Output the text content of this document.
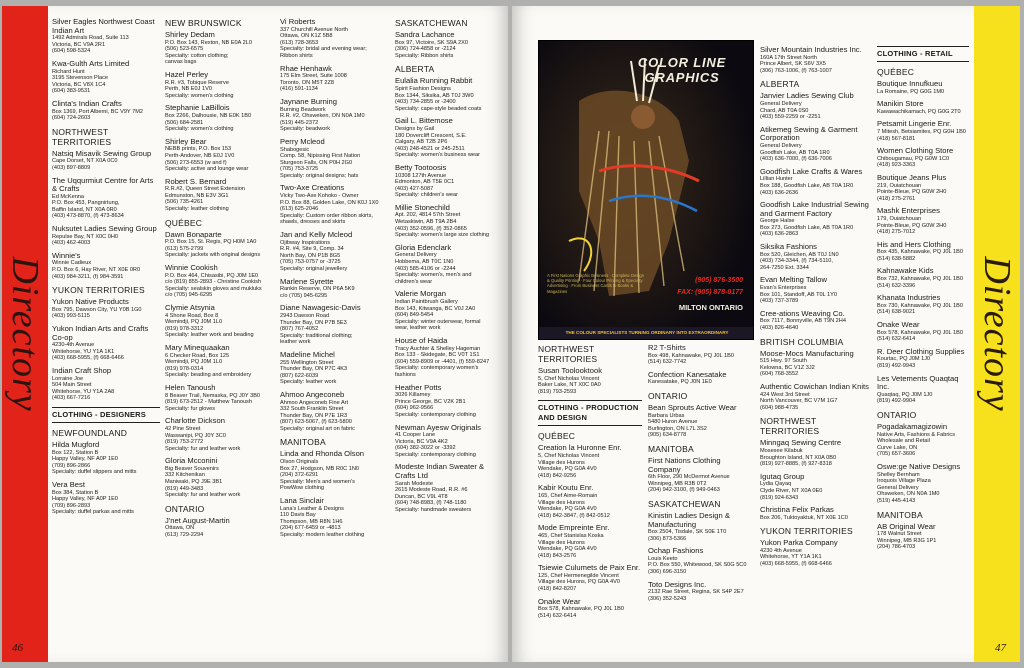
Directory
Silver Eagles Northwest Coast Indian Art
1492 Admirals Road, Suite 113
Victoria, BC V9A 2R1
(604) 598-5324
Kwa-Gulth Arts Limited
Richard Hunt
3195 Stevenson Place
Victoria, BC V8X 1C4
(604) 383-9531
Clinta's Indian Crafts
Box 1369, Port Alberni, BC V9Y 7M2
(604) 724-2603
NORTHWEST TERRITORIES
Natsiq Misavik Sewing Group
Cape Dorset, NT X0A 0C0
(403) 897-8809
The Uqqurmiut Centre for Arts & Crafts
Ed McKenna
P.O. Box 453, Pangnirtung,
Baffin Island, NT X0A 0R0
(403) 473-8870, (f) 473-8634
Nuksutet Ladies Sewing Group
Repulse Bay, NT X0C 0H0
(403) 462-4003
Winnie's
Winnie Cadieux
P.O. Box 6, Hay River, NT X0E 0R0
(403) 984-3211, (f) 984-3591
YUKON TERRITORIES
Yukon Native Products
Box 795, Dawson City, YU Y0B 1G0
(403) 993-5115
Yukon Indian Arts and Crafts Co-op
4230-4th Avenue
Whitehorse, YU Y1A 1K1
(403) 668-5955, (f) 668-6466
Indian Craft Shop
Lorraine Joe
504 Main Street
Whitehorse, YU Y1A 2A8
(403) 667-7216
CLOTHING - DESIGNERS
NEWFOUNDLAND
Hilda Mugford
Box 122, Station B
Happy Valley, NF A0P 1E0
(709) 896-2866
Specialty: duffel slippers and mitts
Vera Best
Box 384, Station B
Happy Valley, NF A0P 1E0
(709) 896-2893
Specialty: duffel parkas and mitts
NEW BRUNSWICK
Shirley Dedam
P.O. Box 143, Rexton, NB E0A 2L0
(506) 523-6575
Specialty: cotton clothing;
canvas bags
Hazel Perley
R.R. #3, Tobique Reserve
Perth, NB E0J 1V0
Specialty: women's clothing
Stephanie LaBillois
Box 2266, Dalhousie, NB E0K 1B0
(506) 684-2581
Specialty: women's clothing
Shirley Bear
NEBB prints, P.O. Box 153
Perth-Andover, NB E0J 1V0
(506) 273-6553 (w and f)
Specialty: active and lounge wear
Robert S. Bernard
R.R.#2, Queen Street Extension
Edmunston, NB E3V 3G1
(506) 735-4261
Specialty: leather clothing
QUÉBEC
Dawn Bonaparte
P.O. Box 15, St. Regis, PQ H0M 1A0
(613) 575-2799
Specialty: jackets with original designs
Winnie Cookish
P.O. Box 464, Chisasibi, PQ J0M 1E0
c/o (819) 855-2893 - Christine Cookish
Specialty: sealskin gloves and mukluks
c/o (705) 945-6295
Clymie Atsynia
4 Shone Road, Box 8
Wemindji, PQ J0M 1L0
(819) 978-3312
Specialty: leather work and beading
Mary Minequaakan
6 Checker Road, Box 125
Wemindji, PQ J0M 1L0
(819) 978-0314
Specialty: beading and embroidery
Helen Tanoush
8 Beaver Trail, Nemaska, PQ J0Y 3B0
(819) 673-2512 - Matthew Tanoush
Specialty: fur gloves
Charlotte Dickson
42 Pine Street
Waswanipi, PQ J0Y 3C0
(819) 753-2772
Specialty: fur and leather work
Gloria Mcconini
Big Beaver Souvenirs
332 Kitchenikan
Maniwaki, PQ J9E 3B1
(819) 449-3483
Specialty: fur and leather work
ONTARIO
J'net August-Martin
Ottawa, ON
(613) 729-2294
Vi Roberts
337 Churchill Avenue North
Ottawa, ON K1Z 5B8
(613) 728-3653
Specialty: bridal and evening wear;
Ribbon shirts
Rhae Henhawk
175 Elm Street, Suite 1008
Toronto, ON M5T 2Z8
(416) 591-1134
Jaynane Burning
Burning Beadwork
R.R. #2, Ohsweken, ON N0A 1M0
(519) 445-2372
Specialty: beadwork
Perry Mcleod
Shabogesic
Comp. 58, Nipissing First Nation
Sturgeon Falls, ON P0H 2G0
(705) 753-3725
Specialty: original designs; hats
Two-Axe Creations
Vicky Two-Axe Kohoko - Owner
P.O. Box 88, Golden Lake, ON K0J 1X0
(613) 625-2046
Specialty: Custom order ribbon skirts,
shawls, dresses and skirts
Jan and Kelly Mcleod
Ojibway Inspirations
R.R. #4, Site 9, Comp. 34
North Bay, ON P1B 8G5
(705) 753-0757 or -3725
Specialty: original jewellery
Marlene Syrette
Rankin Reserve, ON P6A 5K9
c/o (705) 945-6295
Diane Nawagesic-Davis
2943 Dawson Road
Thunder Bay, ON P7B 5E3
(807) 767-4052
Specialty: traditional clothing;
leather work
Madeline Michel
255 Wellington Street
Thunder Bay, ON P7C 4K3
(807) 622-6039
Specialty: leather work
Ahmoo Angeconeb
Ahmoo Angeconeb Fine Art
332 South Franklin Street
Thunder Bay, ON P7E 1R3
(807) 623-5067, (f) 623-5800
Specialty: original art on fabric
MANITOBA
Linda and Rhonda Olson
Olson Originals
Box 27, Hodgson, MB R0C 1N0
(204) 372-6291
Specialty: Men's and women's
PowWow clothing
Lana Sinclair
Lana's Leather & Designs
110 Davis Bay
Thompson, MB R8N 1H6
(204) 677-6459 or -4813
Specialty: modern leather clothing
SASKATCHEWAN
Sandra Lachance
Box 97, Victoire, SK S9A 2X0
(306) 724-4858 or -2124
Specialty: Ribbon shirts
ALBERTA
Eulalia Running Rabbit
Spirit Fashion Designs
Box 1344, Siksika, AB T0J 3W0
(403) 734-2855 or -2400
Specialty: cape-style beaded coats
Gail L. Bittemose
Designs by Gail
180 Dovercliff Crescent, S.E.
Calgary, AB T2B 2P6
(403) 248-4521 or 245-2511
Specialty: women's business wear
Betty Tootoosis
10308 127th Avenue
Edmonton, AB T5E 0C1
(403) 427-5087
Specialty: children's wear
Millie Stonechild
Apt. 202, 4814 57th Street
Wetaskiwin, AB T9A 2B4
(403) 352-0596, (f) 352-0865
Specialty: women's large size clothing
Gloria Edenclark
General Delivery
Hobbema, AB T0C 1N0
(403) 585-4106 or -2244
Specialty: women's, men's and
children's wear
Valerie Morgan
Indian Paintbrush Gallery
Box 143, Kitwanga, BC V0J 2A0
(604) 849-5454
Specialty: winter outerwear, formal
wear, leather work
House of Haida
Tracy Auchter & Shelley Hageman
Box 133 - Skidegate, BC V0T 1S1
(604) 559-8909 or -4401, (f) 559-8247
Specialty: contemporary women's
fashions
Heather Potts
3026 Killarney
Prince George, BC V2K 2B1
(604) 962-9566
Specialty: contemporary clothing
Newman Ayesw Originals
41 Cooper Lane
Victoria, BC V9A 4K2
(604) 382-3022 or -3392
Specialty: contemporary clothing
Modeste Indian Sweater & Crafts Ltd
Sarah Modeste
2615 Modeste Road, R.R. #6
Duncan, BC V9L 4T8
(604) 748-8983, (f) 748-1180
Specialty: handmade sweaters
46
COLOR LINE GRAPHICS
A First Nations Graphic Business · Complete Design & Quality Printing · Four Colour Printing & Specialty Advertising · From Business Cards to Books & Magazines
(905) 876-3500
FAX: (905) 878-0177
MILTON ONTARIO
THE COLOUR SPECIALISTS TURNING ORDINARY INTO EXTRAORDINARY
NORTHWEST TERRITORIES
Susan Toolooktook
5, Chef Nicholas Vincent
Baker Lake, NT X0C 0A0
(819) 793-2593
CLOTHING - PRODUCTION AND DESIGN
QUÉBEC
Creation la Huronne Enr.
5, Chef Nicholas Vincent
Village des Hurons
Wendake, PQ G0A 4V0
(418) 842-9256
Kabir Koutu Enr.
165, Chef Aime-Romain
Village des Hurons
Wendake, PQ G0A 4V0
(418) 842-3847, (f) 842-0512
Mode Empreinte Enr.
465, Chef Stanislas Koska
Village des Hurons
Wendake, PQ G0A 4V0
(418) 843-2576
Tsiewie Culumets de Paix Enr.
125, Chef Hermenegilde Vincent
Village des Hurons, PQ G0A 4V0
(418) 842-8207
Onake Wear
Box 578, Kahnawake, PQ J0L 1B0
(514) 632-6414
R2 T-Shirts
Box 498, Kahnawake, PQ J0L 1B0
(514) 632-7742
Confection Kanesatake
Kanesatake, PQ J0N 1E0
ONTARIO
Bean Sprouts Active Wear
Barbara Urbas
5480 Huron Avenue
Burlington, ON L7L 3S2
(905) 634-8778
MANITOBA
First Nations Clothing Company
6th Floor, 290 McDermot Avenue
Winnipeg, MB R3B 0T2
(204) 942-3100, (f) 949-0463
SASKATCHEWAN
Kinistin Ladies Design & Manufacturing
Box 2504, Tisdale, SK S0E 1T0
(306) 873-5366
Ochap Fashions
Louis Keeto
P.O. Box 550, Whitewood, SK S0G 5C0
(306) 696-3150
Toto Designs Inc.
2132 Rae Street, Regina, SK S4P 2E7
(306) 352-5243
Silver Mountain Industries Inc.
160A 17th Street North
Prince Albert, SK S6V 3X5
(306) 763-1006, (f) 763-1007
ALBERTA
Janvier Ladies Sewing Club
General Delivery
Chard, AB T0A 0S0
(403) 559-2259 or -2251
Atikemeg Sewing & Garment Corporation
General Delivery
Goodfish Lake, AB T0A 1R0
(403) 636-7000, (f) 636-7006
Goodfish Lake Crafts & Wares
Lillian Hunter
Box 188, Goodfish Lake, AB T0A 1R0
(403) 636-2636
Goodfish Lake Industrial Sewing and Garment Factory
George Halse
Box 273, Goodfish Lake, AB T0A 1R0
(403) 636-2863
Siksika Fashions
Box 520, Gleichen, AB T0J 1N0
(403) 734-3344, (f) 734-5110,
264-7250 Ext. 3344
Evan Melting Tallow
Evan's Enterprises
Box 101, Standoff, AB T0L 1Y0
(403) 737-3789
Cree-ations Weaving Co.
Box 7117, Bonnyville, AB T9N 2H4
(403) 826-4640
BRITISH COLUMBIA
Moose-Mocs Manufacturing
515 Hwy. 97 South
Kelowna, BC V1Z 3J2
(604) 768-3552
Authentic Cowichan Indian Knits
424 West 3rd Street
North Vancouver, BC V7M 1G7
(604) 988-4735
NORTHWEST TERRITORIES
Minngaq Sewing Centre
Mosesee Kilabuk
Broughton Island, NT X0A 0B0
(819) 927-8885, (f) 927-8318
Igutaq Group
Lydia Qayaq
Clyde River, NT X0A 0E0
(819) 924-6343
Christina Felix Parkas
Box 206, Tuktoyaktuk, NT X0E 1C0
YUKON TERRITORIES
Yukon Parka Company
4230 4th Avenue
Whitehorse, YT Y1A 1K1
(403) 668-5955, (f) 668-6466
CLOTHING - RETAIL
QUÉBEC
Boutique Innufkueu
La Romaine, PQ G0G 1M0
Manikin Store
Kawawachikamach, PQ G0G 2T0
Petsamit Lingerie Enr.
7 Mitesh, Betsiamites, PQ G0H 1B0
(418) 567-8181
Women Clothing Store
Chibougamau, PQ G0W 1C0
(418) 923-3363
Boutique Jeans Plus
219, Ouiatchouan
Pointe-Bleue, PQ G0W 2H0
(418) 275-2761
Mashk Enterprises
179, Ouiatchouan
Pointe-Bleue, PQ G0W 2H0
(418) 275-7012
His and Hers Clothing
Box 435, Kahnawake, PQ J0L 1B0
(514) 638-5882
Kahnawake Kids
Box 732, Kahnawake, PQ J0L 1B0
(514) 632-3396
Khanata Industries
Box 730, Kahnawake, PQ J0L 1B0
(514) 638-9021
Onake Wear
Box 578, Kahnawake, PQ J0L 1B0
(514) 632-6414
R. Deer Clothing Supplies
Kourtac, PQ J0M 1J0
(819) 492-9943
Les Vetements Quaqtaq Inc.
Quaqtaq, PQ J0M 1J0
(819) 492-9904
ONTARIO
Pogadakamagizowin
Native Arts, Fashions & Fabrics
Wholesale and Retail
Curve Lake, ON
(705) 657-3606
Oswe:ge Native Designs
Shelley Bernham
Iroquois Village Plaza
General Delivery
Ohsweken, ON N0A 1M0
(519) 445-4143
MANITOBA
AB Original Wear
178 Walnut Street
Winnipeg, MB R3G 1P1
(204) 786-4703
Directory
47
